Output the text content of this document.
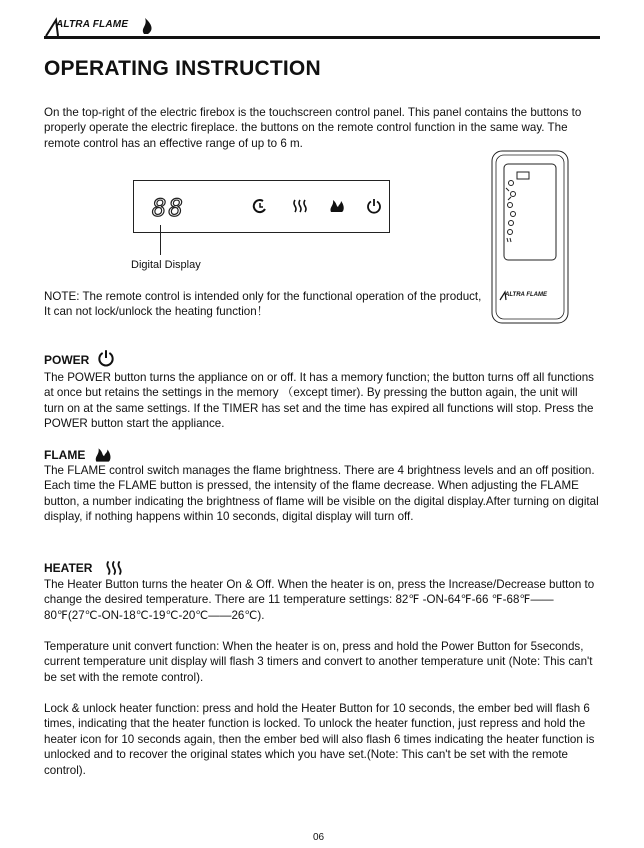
ALTRA FLAME
OPERATING INSTRUCTION

On the top-right of the electric firebox is the touchscreen control panel. This panel contains the buttons to properly operate the electric fireplace. the buttons on the remote control function in the same way. The remote control has an effective range of up to 6 m.

88

Digital Display

NOTE: The remote control is intended only for the functional operation of the product, It can not lock/unlock the heating function！

ALTRA FLAME
POWER

The POWER button turns the appliance on or off. It has a memory function; the button turns off all functions at once but retains the settings in the memory （except timer). By pressing the button again, the unit will turn on at the same settings. If the TIMER has set and the time has expired all functions will stop. Press the POWER button start the appliance.

FLAME

The FLAME control switch manages the flame brightness. There are 4 brightness levels and an off position. Each time the FLAME button is pressed, the intensity of the flame decrease. When adjusting the FLAME button, a number indicating the brightness of flame will be visible on the digital display.After turning on digital display, if nothing happens within 10 seconds, digital display will turn off.

HEATER

The Heater Button turns the heater On & Off. When the heater is on, press the Increase/Decrease button to change the desired temperature. There are 11 temperature settings: 82℉ -ON-64℉-66 ℉-68℉——80℉(27℃-ON-18℃-19℃-20℃——26℃).

Temperature unit convert function: When the heater is on, press and hold the Power Button for 5seconds, current temperature unit display will flash 3 timers and convert to another temperature unit (Note: This can't be set with the remote control).

Lock & unlock heater function: press and hold the Heater Button for 10 seconds, the ember bed will flash 6 times, indicating that the heater function is locked. To unlock the heater function, just repress and hold the heater icon for 10 seconds again, then the ember bed will also flash 6 times indicating the heater function is unlocked and to recover the original states which you have set.(Note: This can't be set with the remote control).

06
